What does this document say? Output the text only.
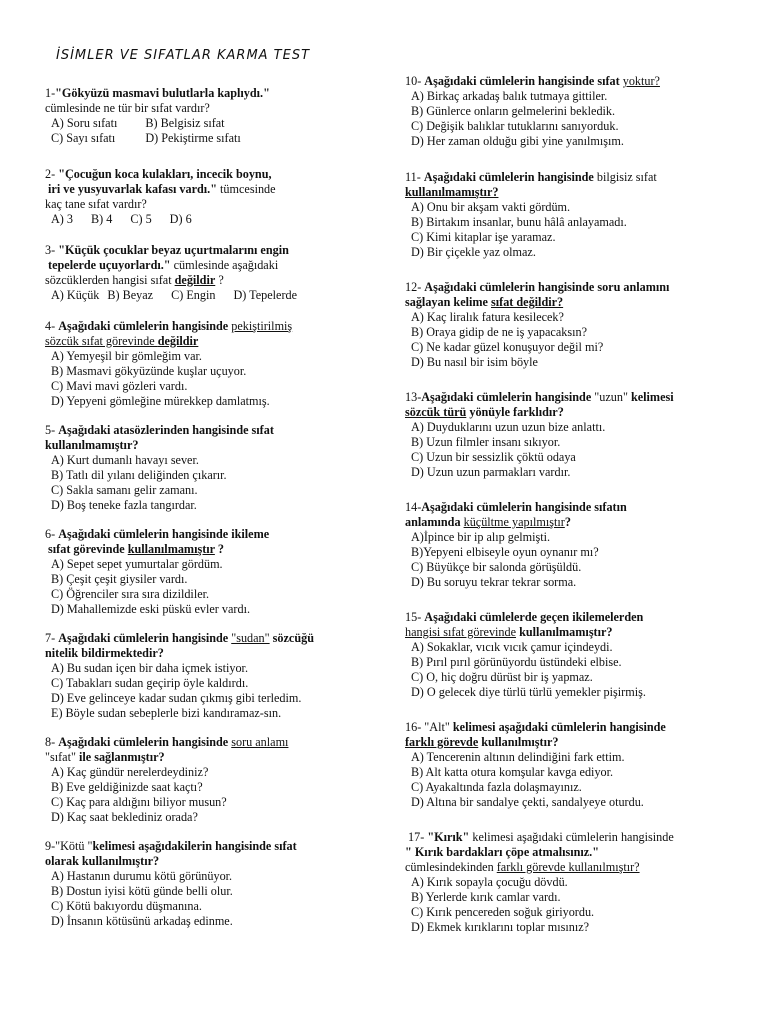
İSİMLER VE SIFATLAR KARMA TEST
1-"Gökyüzü masmavi bulutlarla kaplıydı."
cümlesinde ne tür bir sıfat vardır?
A) Soru sıfatı B) Belgisiz sıfat
C) Sayı sıfatı D) Pekiştirme sıfatı
2- "Çocuğun koca kulakları, incecik boynu,
iri ve yusyuvarlak kafası vardı." tümcesinde
kaç tane sıfat vardır?
A) 3 B) 4 C) 5 D) 6
3- "Küçük çocuklar beyaz uçurtmalarını engin
tepelerde uçuyorlardı." cümlesinde aşağıdaki
sözcüklerden hangisi sıfat değildir ?
A) Küçük B) Beyaz C) Engin D) Tepelerde
4- Aşağıdaki cümlelerin hangisinde pekiştirilmiş
sözcük sıfat görevinde değildir
A) Yemyeşil bir gömleğim var.
B) Masmavi gökyüzünde kuşlar uçuyor.
C) Mavi mavi gözleri vardı.
D) Yepyeni gömleğine mürekkep damlatmış.
5- Aşağıdaki atasözlerinden hangisinde sıfat
kullanılmamıştır?
A) Kurt dumanlı havayı sever.
B) Tatlı dil yılanı deliğinden çıkarır.
C) Sakla samanı gelir zamanı.
D) Boş teneke fazla tangırdar.
6- Aşağıdaki cümlelerin hangisinde ikileme
sıfat görevinde kullanılmamıştır ?
A) Sepet sepet yumurtalar gördüm.
B) Çeşit çeşit giysiler vardı.
C) Öğrenciler sıra sıra dizildiler.
D) Mahallemizde eski püskü evler vardı.
7- Aşağıdaki cümlelerin hangisinde "sudan" sözcüğü
nitelik bildirmektedir?
A) Bu sudan içen bir daha içmek istiyor.
C) Tabakları sudan geçirip öyle kaldırdı.
D) Eve gelinceye kadar sudan çıkmış gibi terledim.
E) Böyle sudan sebeplerle bizi kandıramaz-sın.
8- Aşağıdaki cümlelerin hangisinde soru anlamı
"sıfat" ile sağlanmıştır?
A) Kaç gündür nerelerdeydiniz?
B) Eve geldiğinizde saat kaçtı?
C) Kaç para aldığını biliyor musun?
D) Kaç saat beklediniz orada?
9-"Kötü "kelimesi aşağıdakilerin hangisinde sıfat
olarak kullanılmıştır?
A) Hastanın durumu kötü görünüyor.
B) Dostun iyisi kötü günde belli olur.
C) Kötü bakıyordu düşmanına.
D) İnsanın kötüsünü arkadaş edinme.
10- Aşağıdaki cümlelerin hangisinde sıfat yoktur?
A) Birkaç arkadaş balık tutmaya gittiler.
B) Günlerce onların gelmelerini bekledik.
C) Değişik balıklar tutuklarını sanıyorduk.
D) Her zaman olduğu gibi yine yanılmışım.
11- Aşağıdaki cümlelerin hangisinde bilgisiz sıfat
kullanılmamıştır?
A) Onu bir akşam vakti gördüm.
B) Birtakım insanlar, bunu hâlâ anlayamadı.
C) Kimi kitaplar işe yaramaz.
D) Bir çiçekle yaz olmaz.
12- Aşağıdaki cümlelerin hangisinde soru anlamını
sağlayan kelime sıfat değildir?
A) Kaç liralık fatura kesilecek?
B) Oraya gidip de ne iş yapacaksın?
C) Ne kadar güzel konuşuyor değil mi?
D) Bu nasıl bir isim böyle
13-Aşağıdaki cümlelerin hangisinde "uzun" kelimesi
sözcük türü yönüyle farklıdır?
A) Duyduklarını uzun uzun bize anlattı.
B) Uzun filmler insanı sıkıyor.
C) Uzun bir sessizlik çöktü odaya
D) Uzun uzun parmakları vardır.
14-Aşağıdaki cümlelerin hangisinde sıfatın
anlamında küçültme yapılmıştır?
A)İpince bir ip alıp gelmişti.
B)Yepyeni elbiseyle oyun oynanır mı?
C) Büyükçe bir salonda görüşüldü.
D) Bu soruyu tekrar tekrar sorma.
15- Aşağıdaki cümlelerde geçen ikilemelerden
hangisi sıfat görevinde kullanılmamıştır?
A) Sokaklar, vıcık vıcık çamur içindeydi.
B) Pırıl pırıl görünüyordu üstündeki elbise.
C) O, hiç doğru dürüst bir iş yapmaz.
D) O gelecek diye türlü türlü yemekler pişirmiş.
16- "Alt" kelimesi aşağıdaki cümlelerin hangisinde
farklı görevde kullanılmıştır?
A) Tencerenin altının delindiğini fark ettim.
B) Alt katta otura komşular kavga ediyor.
C) Ayakaltında fazla dolaşmayınız.
D) Altına bir sandalye çekti, sandalyeye oturdu.
17- "Kırık" kelimesi aşağıdaki cümlelerin hangisinde
" Kırık bardakları çöpe atmalısınız."
cümlesindekinden farklı görevde kullanılmıştır?
A) Kırık sopayla çocuğu dövdü.
B) Yerlerde kırık camlar vardı.
C) Kırık pencereden soğuk giriyordu.
D) Ekmek kırıklarını toplar mısınız?
